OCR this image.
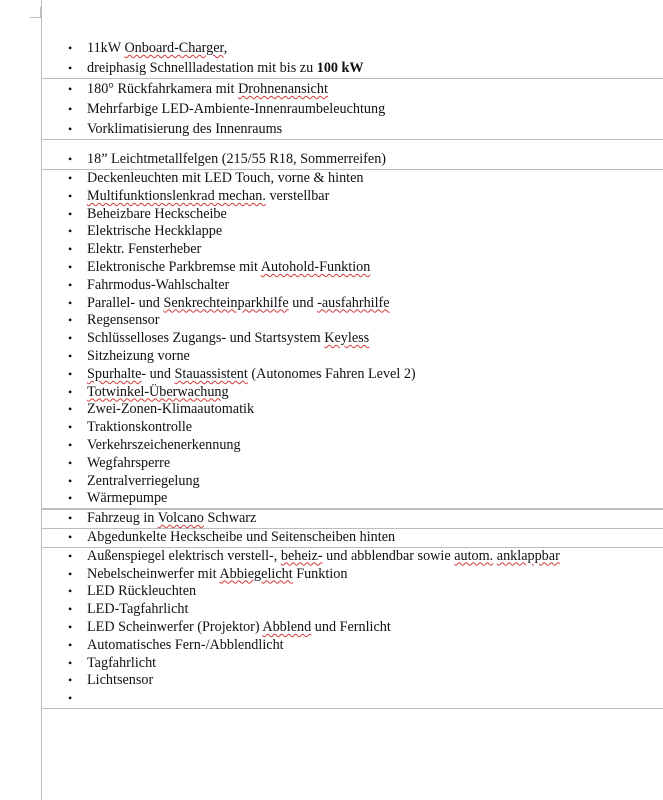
• 11kW Onboard-Charger,
• dreiphasig Schnellladestation mit bis zu 100 kW
• 180° Rückfahrkamera mit Drohnenansicht
• Mehrfarbige LED-Ambiente-Innenraumbeleuchtung
• Vorklimatisierung des Innenraums
• 18” Leichtmetallfelgen (215/55 R18, Sommerreifen)
• Deckenleuchten mit LED Touch, vorne & hinten
• Multifunktionslenkrad mechan. verstellbar
• Beheizbare Heckscheibe
• Elektrische Heckklappe
• Elektr. Fensterheber
• Elektronische Parkbremse mit Autohold-Funktion
• Fahrmodus-Wahlschalter
• Parallel- und Senkrechteinparkhilfe und -ausfahrhilfe
• Regensensor
• Schlüsselloses Zugangs- und Startsystem Keyless
• Sitzheizung vorne
• Spurhalte- und Stauassistent (Autonomes Fahren Level 2)
• Totwinkel-Überwachung
• Zwei-Zonen-Klimaautomatik
• Traktionskontrolle
• Verkehrszeichenerkennung
• Wegfahrsperre
• Zentralverriegelung
• Wärmepumpe
• Fahrzeug in Volcano Schwarz
• Abgedunkelte Heckscheibe und Seitenscheiben hinten
• Außenspiegel elektrisch verstell-, beheiz- und abblendbar sowie autom. anklappbar
• Nebelscheinwerfer mit Abbiegelicht Funktion
• LED Rückleuchten
• LED-Tagfahrlicht
• LED Scheinwerfer (Projektor) Abblend und Fernlicht
• Automatisches Fern-/Abblendlicht
• Tagfahrlicht
• Lichtsensor
•
